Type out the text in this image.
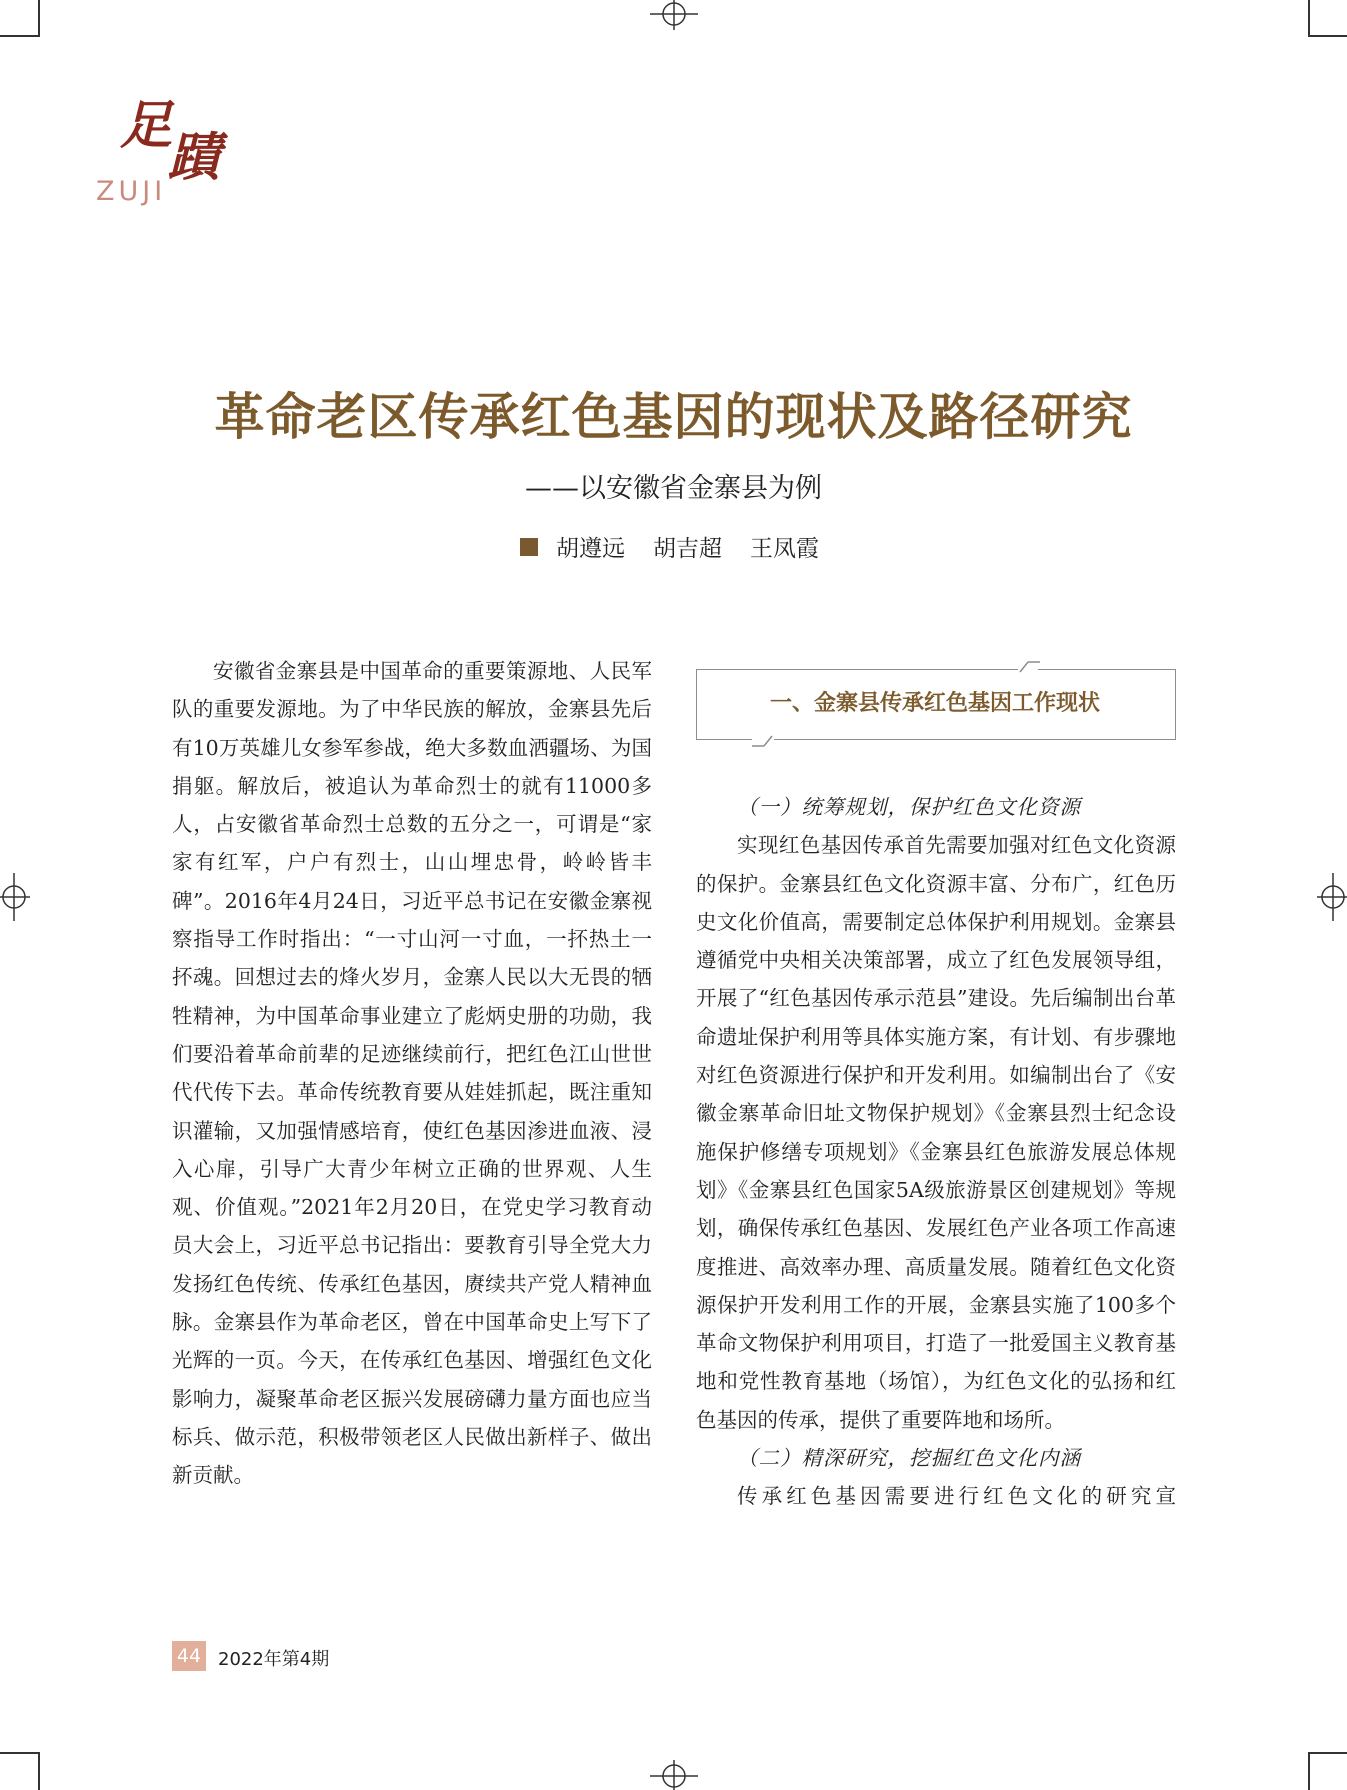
足
蹟
ZUJI
革命老区传承红色基因的现状及路径研究
——以安徽省金寨县为例
胡遵远 胡吉超 王凤霞

安徽省金寨县是中国革命的重要策源地、人民军队的重要发源地。为了中华民族的解放，金寨县先后有10万英雄儿女参军参战，绝大多数血洒疆场、为国捐躯。解放后，被追认为革命烈士的就有11000多人，占安徽省革命烈士总数的五分之一，可谓是“家家有红军，户户有烈士，山山埋忠骨，岭岭皆丰碑”。2016年4月24日，习近平总书记在安徽金寨视察指导工作时指出：“一寸山河一寸血，一抔热土一抔魂。回想过去的烽火岁月，金寨人民以大无畏的牺牲精神，为中国革命事业建立了彪炳史册的功勋，我们要沿着革命前辈的足迹继续前行，把红色江山世世代代传下去。革命传统教育要从娃娃抓起，既注重知识灌输，又加强情感培育，使红色基因渗进血液、浸入心扉，引导广大青少年树立正确的世界观、人生观、价值观。”2021年2月20日，在党史学习教育动员大会上，习近平总书记指出：要教育引导全党大力发扬红色传统、传承红色基因，赓续共产党人精神血脉。金寨县作为革命老区，曾在中国革命史上写下了光辉的一页。今天，在传承红色基因、增强红色文化影响力，凝聚革命老区振兴发展磅礴力量方面也应当标兵、做示范，积极带领老区人民做出新样子、做出新贡献。

一、金寨县传承红色基因工作现状

（一）统筹规划，保护红色文化资源

实现红色基因传承首先需要加强对红色文化资源的保护。金寨县红色文化资源丰富、分布广，红色历史文化价值高，需要制定总体保护利用规划。金寨县遵循党中央相关决策部署，成立了红色发展领导组，开展了“红色基因传承示范县”建设。先后编制出台革命遗址保护利用等具体实施方案，有计划、有步骤地对红色资源进行保护和开发利用。如编制出台了《安徽金寨革命旧址文物保护规划》《金寨县烈士纪念设施保护修缮专项规划》《金寨县红色旅游发展总体规划》《金寨县红色国家5A级旅游景区创建规划》等规划，确保传承红色基因、发展红色产业各项工作高速度推进、高效率办理、高质量发展。随着红色文化资源保护开发利用工作的开展，金寨县实施了100多个革命文物保护利用项目，打造了一批爱国主义教育基地和党性教育基地（场馆），为红色文化的弘扬和红色基因的传承，提供了重要阵地和场所。

（二）精深研究，挖掘红色文化内涵

传承红色基因需要进行红色文化的研究宣

44 2022年第4期
